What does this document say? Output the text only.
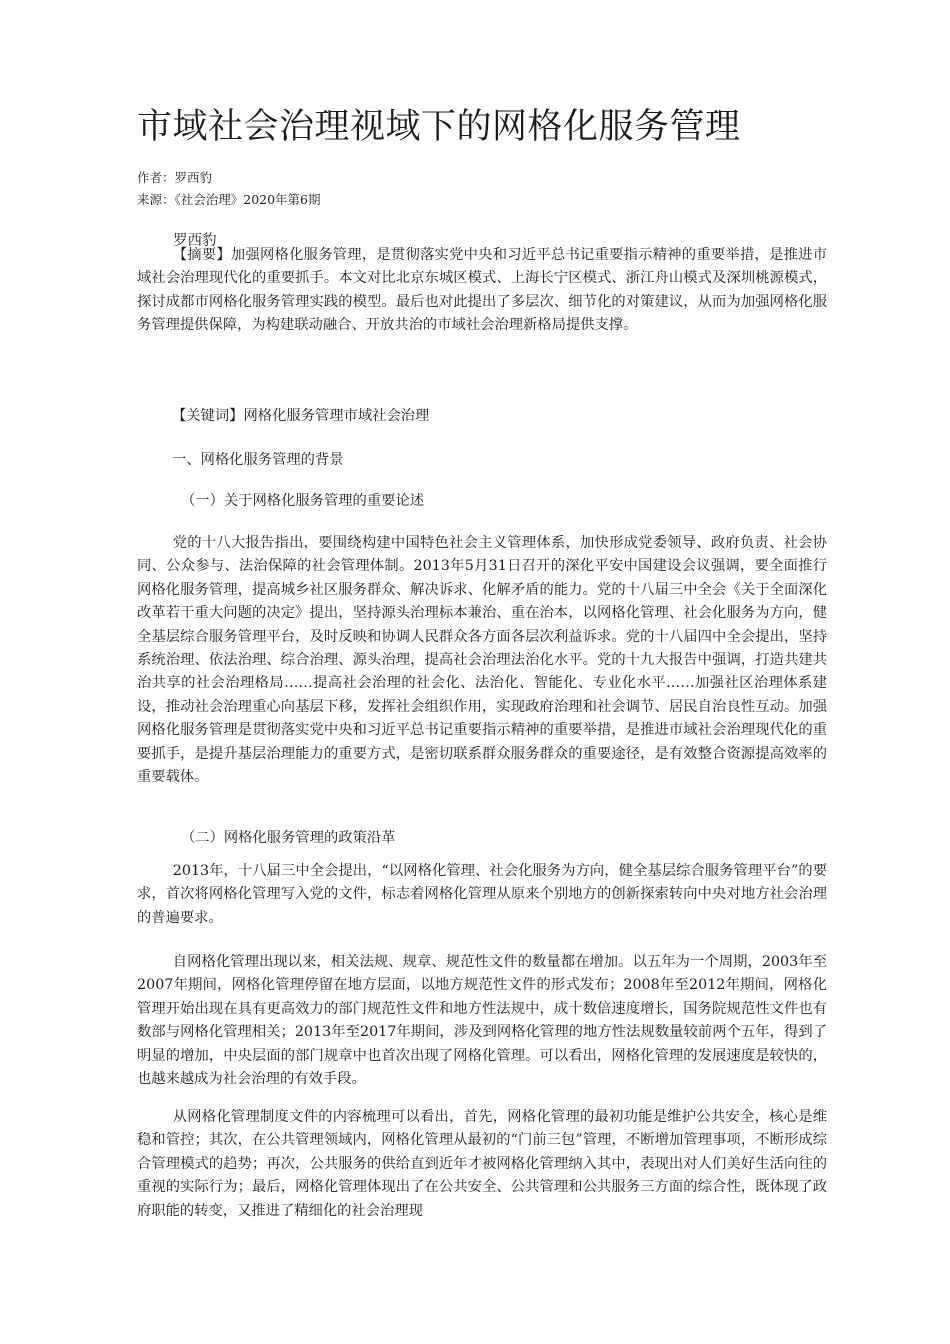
市域社会治理视域下的网格化服务管理
作者：罗西豹
来源：《社会治理》2020年第6期
罗西豹

【摘要】加强网格化服务管理，是贯彻落实党中央和习近平总书记重要指示精神的重要举措，是推进市域社会治理现代化的重要抓手。本文对比北京东城区模式、上海长宁区模式、浙江舟山模式及深圳桃源模式，探讨成都市网格化服务管理实践的模型。最后也对此提出了多层次、细节化的对策建议，从而为加强网格化服务管理提供保障，为构建联动融合、开放共治的市域社会治理新格局提供支撑。

【关键词】网格化服务管理市域社会治理
一、网格化服务管理的背景
（一）关于网格化服务管理的重要论述

党的十八大报告指出，要围绕构建中国特色社会主义管理体系，加快形成党委领导、政府负责、社会协同、公众参与、法治保障的社会管理体制。2013年5月31日召开的深化平安中国建设会议强调，要全面推行网格化服务管理，提高城乡社区服务群众、解决诉求、化解矛盾的能力。党的十八届三中全会《关于全面深化改革若干重大问题的决定》提出，坚持源头治理标本兼治、重在治本，以网格化管理、社会化服务为方向，健全基层综合服务管理平台，及时反映和协调人民群众各方面各层次利益诉求。党的十八届四中全会提出，坚持系统治理、依法治理、综合治理、源头治理，提高社会治理法治化水平。党的十九大报告中强调，打造共建共治共享的社会治理格局……提高社会治理的社会化、法治化、智能化、专业化水平……加强社区治理体系建设，推动社会治理重心向基层下移，发挥社会组织作用，实现政府治理和社会调节、居民自治良性互动。加强网格化服务管理是贯彻落实党中央和习近平总书记重要指示精神的重要举措，是推进市域社会治理现代化的重要抓手，是提升基层治理能力的重要方式，是密切联系群众服务群众的重要途径，是有效整合资源提高效率的重要载体。

（二）网格化服务管理的政策沿革

2013年，十八届三中全会提出，“以网格化管理、社会化服务为方向，健全基层综合服务管理平台”的要求，首次将网格化管理写入党的文件，标志着网格化管理从原来个别地方的创新探索转向中央对地方社会治理的普遍要求。

自网格化管理出现以来，相关法规、规章、规范性文件的数量都在增加。以五年为一个周期，2003年至2007年期间，网格化管理停留在地方层面，以地方规范性文件的形式发布；2008年至2012年期间，网格化管理开始出现在具有更高效力的部门规范性文件和地方性法规中，成十数倍速度增长，国务院规范性文件也有数部与网格化管理相关；2013年至2017年期间，涉及到网格化管理的地方性法规数量较前两个五年，得到了明显的增加，中央层面的部门规章中也首次出现了网格化管理。可以看出，网格化管理的发展速度是较快的，也越来越成为社会治理的有效手段。

从网格化管理制度文件的内容梳理可以看出，首先，网格化管理的最初功能是维护公共安全，核心是维稳和管控；其次，在公共管理领域内，网格化管理从最初的“门前三包”管理，不断增加管理事项，不断形成综合管理模式的趋势；再次，公共服务的供给直到近年才被网格化管理纳入其中，表现出对人们美好生活向往的重视的实际行为；最后，网格化管理体现出了在公共安全、公共管理和公共服务三方面的综合性，既体现了政府职能的转变，又推进了精细化的社会治理现
